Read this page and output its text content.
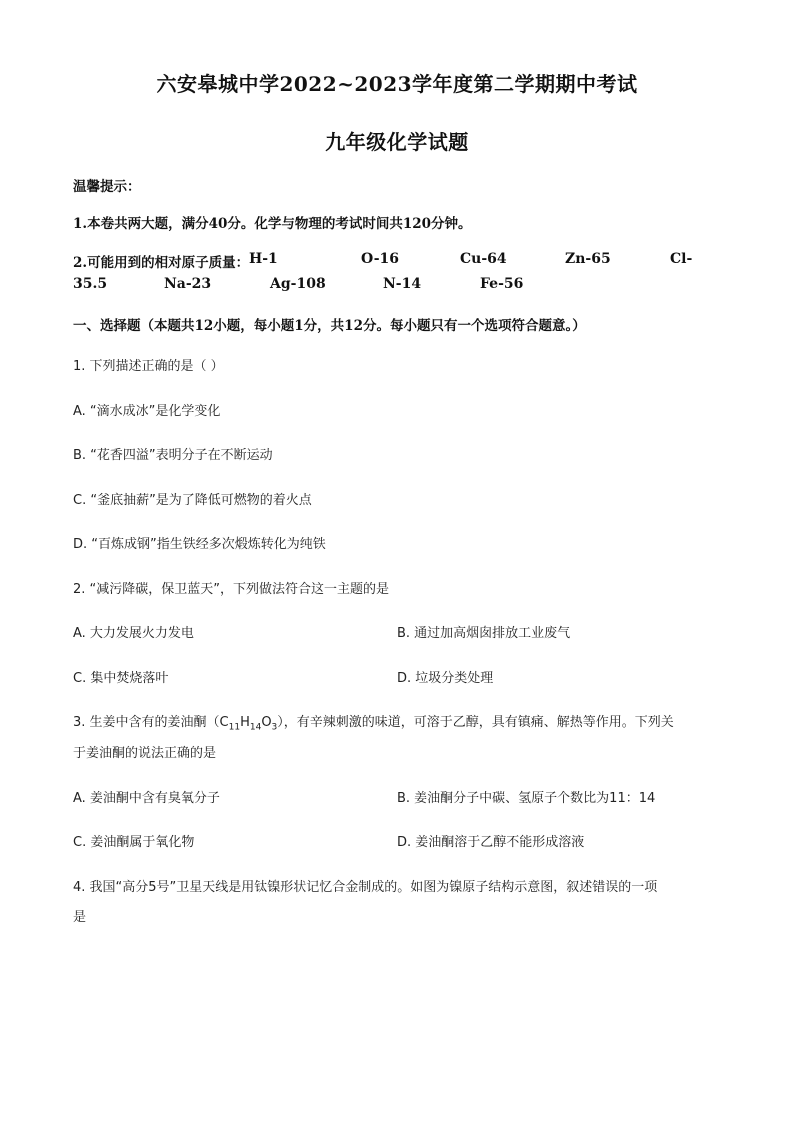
六安皋城中学2022~2023学年度第二学期期中考试
九年级化学试题
温馨提示：
1.本卷共两大题，满分40分。化学与物理的考试时间共120分钟。
2.可能用到的相对原子质量： H-1	O-16	Cu-64	Zn-65	Cl-
35.5	Na-23	Ag-108	N-14	Fe-56
一、选择题（本题共12小题，每小题1分，共12分。每小题只有一个选项符合题意。）
1. 下列描述正确的是（ ）
A. “滴水成冰”是化学变化
B. “花香四溢”表明分子在不断运动
C. “釜底抽薪”是为了降低可燃物的着火点
D. “百炼成钢”指生铁经多次煅炼转化为纯铁
2. “减污降碳，保卫蓝天”，下列做法符合这一主题的是
A. 大力发展火力发电	B. 通过加高烟囱排放工业废气
C. 集中焚烧落叶	D. 垃圾分类处理
3. 生姜中含有的姜油酮$(C_{11}H_{14}O_3)$，有辛辣刺激的味道，可溶于乙醇，具有镇痛、解热等作用。下列关
于姜油酮的说法正确的是
A. 姜油酮中含有臭氧分子	B. 姜油酮分子中碳、氢原子个数比为11：14
C. 姜油酮属于氧化物	D. 姜油酮溶于乙醇不能形成溶液
4. 我国“高分5号”卫星天线是用钛镍形状记忆合金制成的。如图为镍原子结构示意图，叙述错误的一项
是
